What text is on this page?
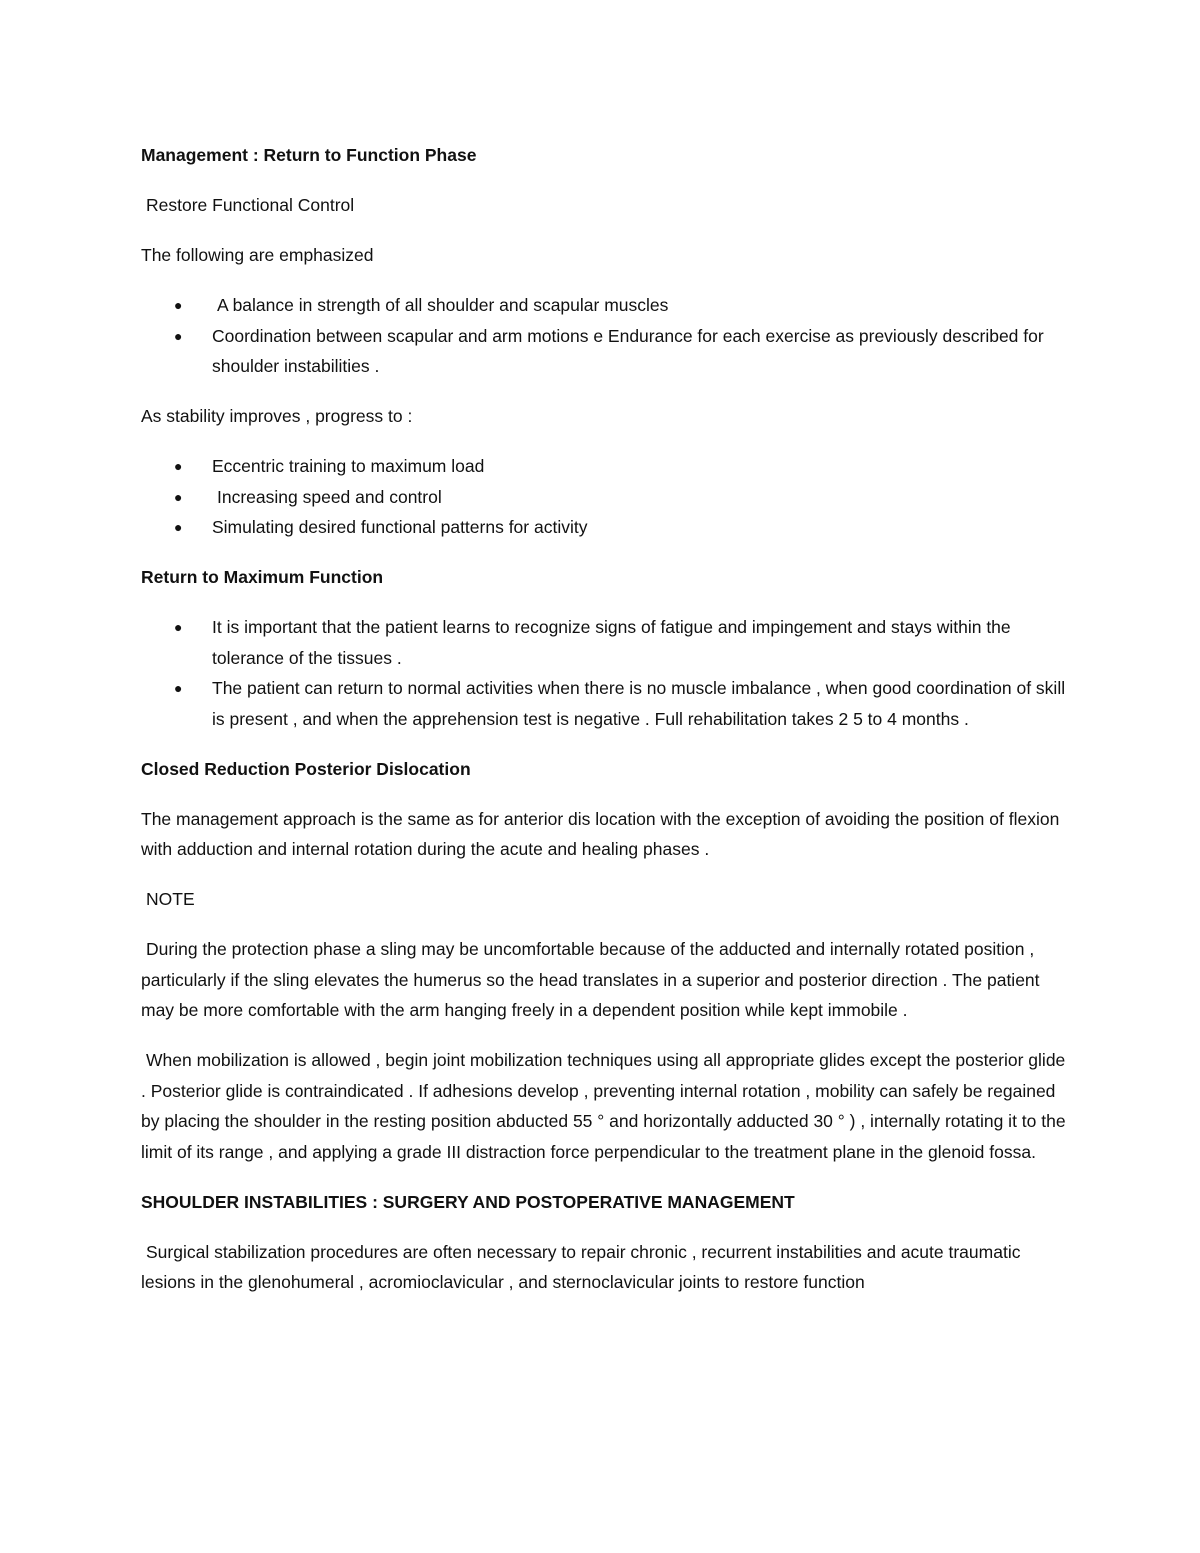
Management : Return to Function Phase

Restore Functional Control

The following are emphasized

● A balance in strength of all shoulder and scapular muscles
● Coordination between scapular and arm motions e Endurance for each exercise as previously described for shoulder instabilities .

As stability improves , progress to :

● Eccentric training to maximum load
● Increasing speed and control
● Simulating desired functional patterns for activity

Return to Maximum Function

● It is important that the patient learns to recognize signs of fatigue and impingement and stays within the tolerance of the tissues .
● The patient can return to normal activities when there is no muscle imbalance , when good coordination of skill is present , and when the apprehension test is negative . Full rehabilitation takes 2 5 to 4 months .

Closed Reduction Posterior Dislocation

The management approach is the same as for anterior dis location with the exception of avoiding the position of flexion with adduction and internal rotation during the acute and healing phases .

NOTE

During the protection phase a sling may be uncomfortable because of the adducted and internally rotated position , particularly if the sling elevates the humerus so the head translates in a superior and posterior direction . The patient may be more comfortable with the arm hanging freely in a dependent position while kept immobile .

When mobilization is allowed , begin joint mobilization techniques using all appropriate glides except the posterior glide . Posterior glide is contraindicated . If adhesions develop , preventing internal rotation , mobility can safely be regained by placing the shoulder in the resting position abducted 55 ° and horizontally adducted 30 ° ) , internally rotating it to the limit of its range , and applying a grade III distraction force perpendicular to the treatment plane in the glenoid fossa.

SHOULDER INSTABILITIES : SURGERY AND POSTOPERATIVE MANAGEMENT

Surgical stabilization procedures are often necessary to repair chronic , recurrent instabilities and acute traumatic lesions in the glenohumeral , acromioclavicular , and sternoclavicular joints to restore function
